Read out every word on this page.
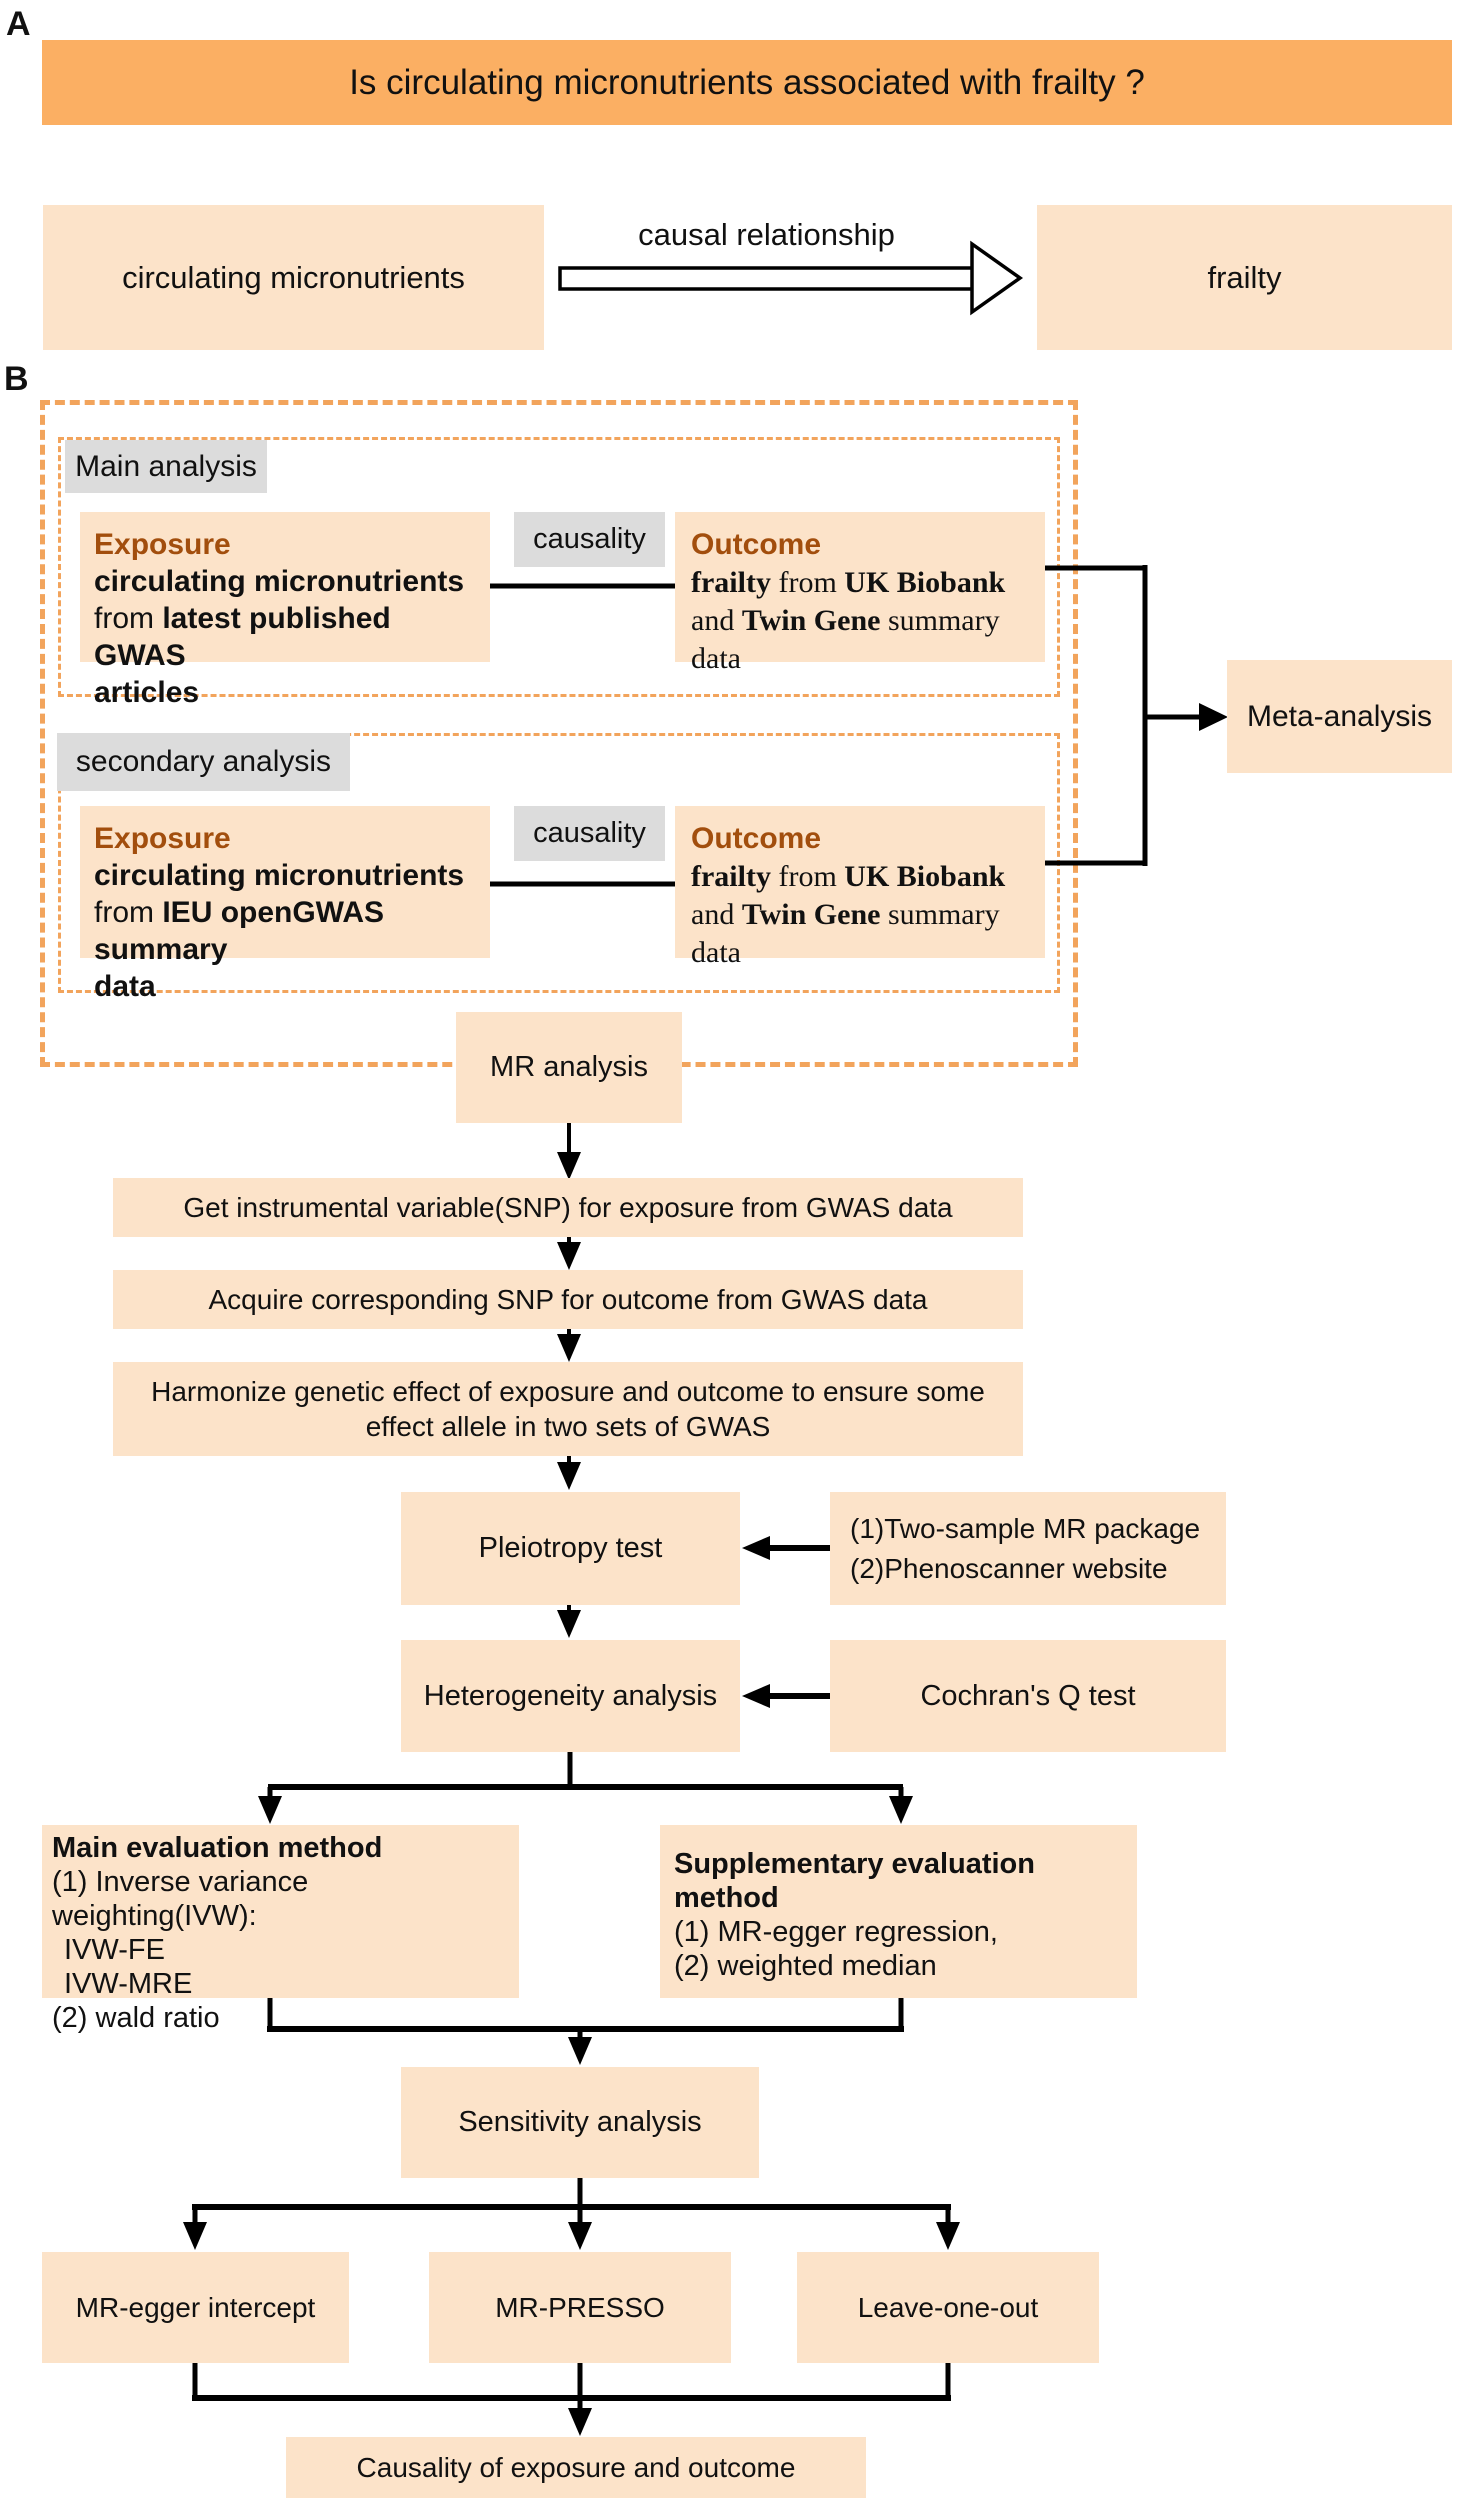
A
Is circulating micronutrients associated with frailty ?
circulating micronutrients
causal relationship
frailty
B
Main analysis
Exposure
circulating micronutrients
from latest published GWAS
articles
causality Outcome
frailty from UK Biobank
and Twin Gene summary data
secondary analysis
Exposure
circulating micronutrients
from IEU openGWAS summary
data
causality Outcome
frailty from UK Biobank
and Twin Gene summary data
Meta-analysis
MR analysis
Get instrumental variable(SNP) for exposure from GWAS data
Acquire corresponding SNP for outcome from GWAS data
Harmonize genetic effect of exposure and outcome to ensure some
effect allele in two sets of GWAS
Pleiotropy test
(1)Two-sample MR package
(2)Phenoscanner website
Heterogeneity analysis	Cochran's Q test
Main evaluation method
(1) Inverse variance weighting(IVW):
IVW-FE
IVW-MRE
(2) wald ratio
Supplementary evaluation method
(1) MR-egger regression,
(2) weighted median
Sensitivity analysis
MR-egger intercept	MR-PRESSO	Leave-one-out
Causality of exposure and outcome
